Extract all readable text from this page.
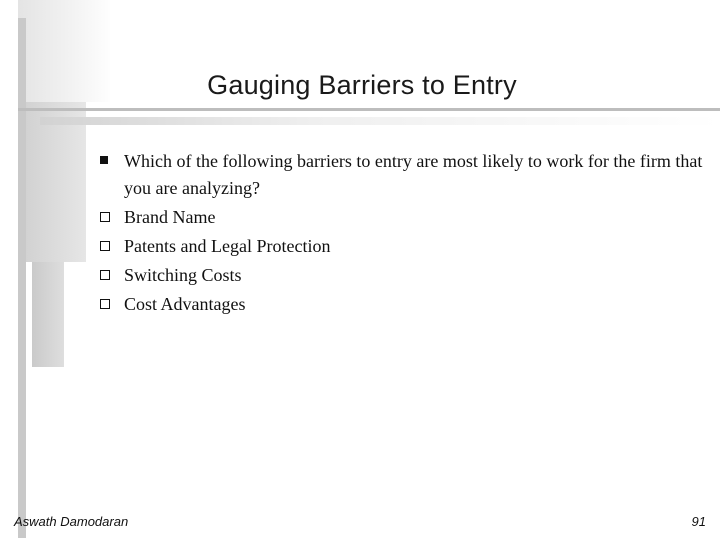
Gauging Barriers to Entry
Which of the following barriers to entry are most likely to work for the firm that you are analyzing?
Brand Name
Patents and Legal Protection
Switching Costs
Cost Advantages
Aswath Damodaran	91
